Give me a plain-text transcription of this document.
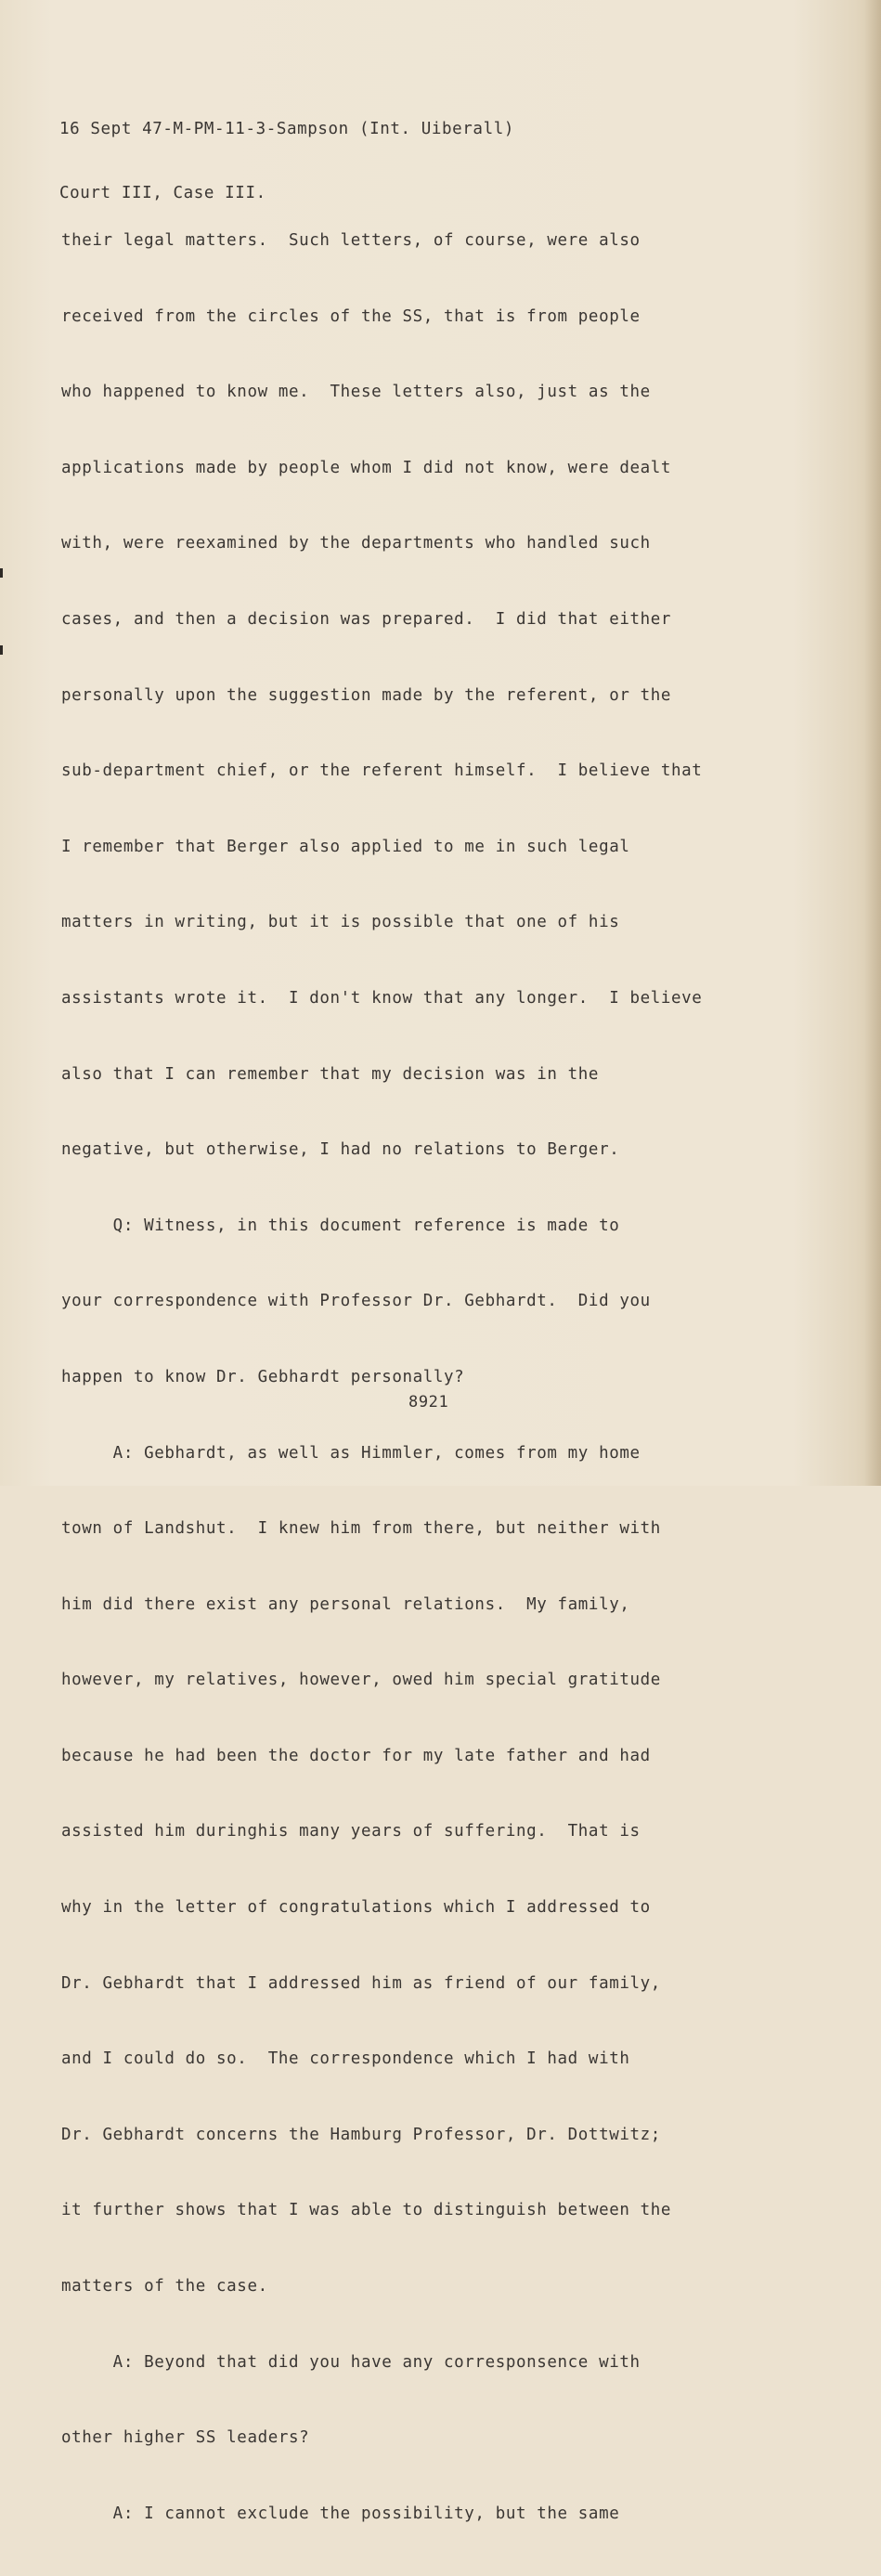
16 Sept 47-M-PM-11-3-Sampson (Int. Uiberall)

Court III, Case III.

their legal matters.  Such letters, of course, were also

received from the circles of the SS, that is from people

who happened to know me.  These letters also, just as the

applications made by people whom I did not know, were dealt

with, were reexamined by the departments who handled such

cases, and then a decision was prepared.  I did that either

personally upon the suggestion made by the referent, or the

sub-department chief, or the referent himself.  I believe that

I remember that Berger also applied to me in such legal

matters in writing, but it is possible that one of his

assistants wrote it.  I don't know that any longer.  I believe

also that I can remember that my decision was in the

negative, but otherwise, I had no relations to Berger.

Q: Witness, in this document reference is made to

your correspondence with Professor Dr. Gebhardt.  Did you

happen to know Dr. Gebhardt personally?

A: Gebhardt, as well as Himmler, comes from my home

town of Landshut.  I knew him from there, but neither with

him did there exist any personal relations.  My family,

however, my relatives, however, owed him special gratitude

because he had been the doctor for my late father and had

assisted him duringhis many years of suffering.  That is

why in the letter of congratulations which I addressed to

Dr. Gebhardt that I addressed him as friend of our family,

and I could do so.  The correspondence which I had with

Dr. Gebhardt concerns the Hamburg Professor, Dr. Dottwitz;

it further shows that I was able to distinguish between the

matters of the case.

A: Beyond that did you have any corresponsence with

other higher SS leaders?

A: I cannot exclude the possibility, but the same

8921
